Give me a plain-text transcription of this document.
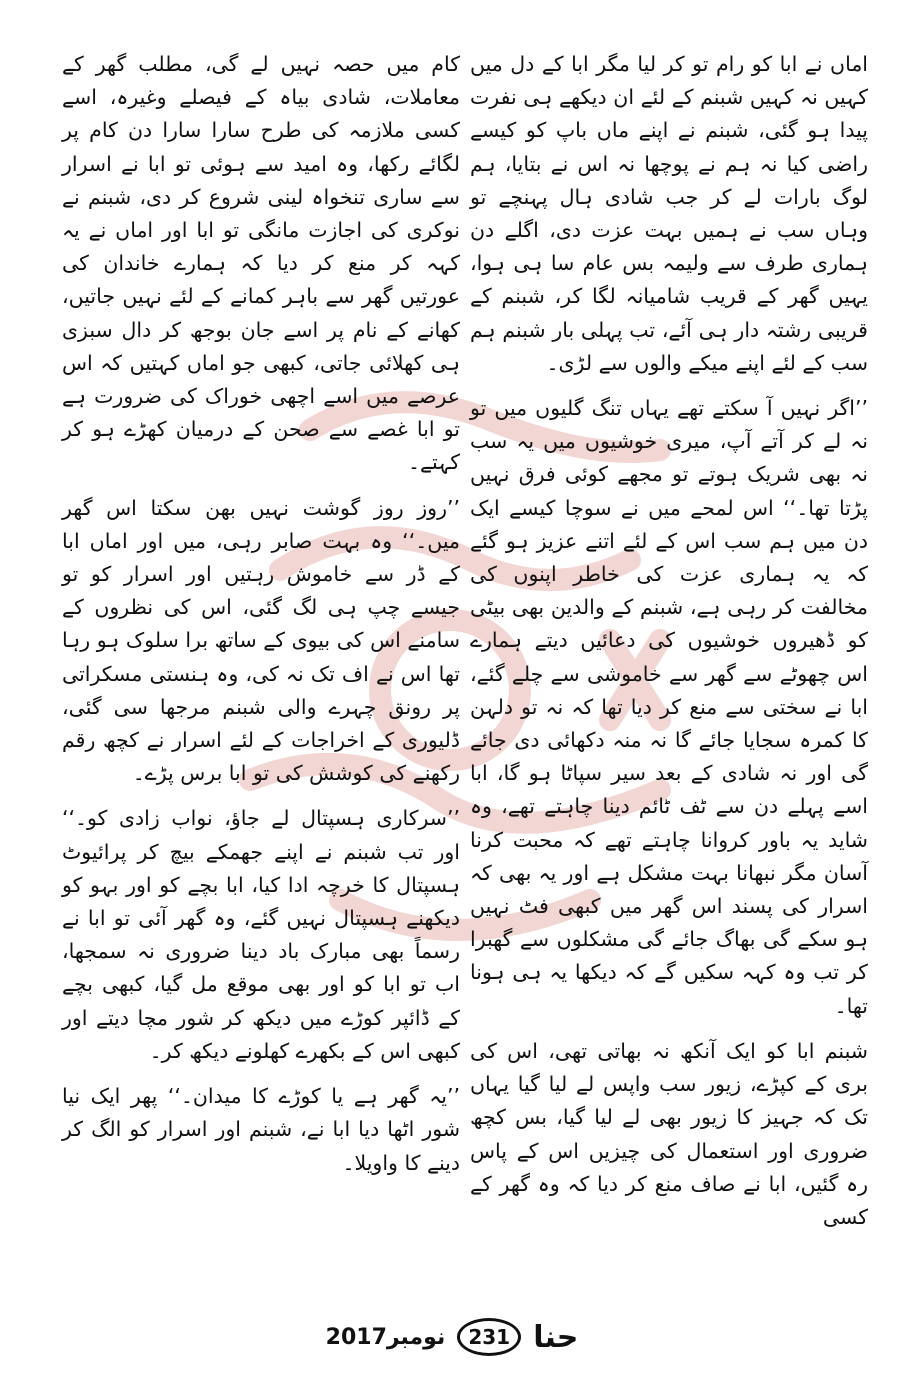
اماں نے ابا کو رام تو کر لیا مگر ابا کے دل میں کہیں نہ کہیں شبنم کے لئے ان دیکھے ہی نفرت پیدا ہو گئی، شبنم نے اپنے ماں باپ کو کیسے راضی کیا نہ ہم نے پوچھا نہ اس نے بتایا، ہم لوگ بارات لے کر جب شادی ہال پہنچے تو وہاں سب نے ہمیں بہت عزت دی، اگلے دن ہماری طرف سے ولیمہ بس عام سا ہی ہوا، یہیں گھر کے قریب شامیانہ لگا کر، شبنم کے قریبی رشتہ دار ہی آئے، تب پہلی بار شبنم ہم سب کے لئے اپنے میکے والوں سے لڑی۔

’’اگر نہیں آ سکتے تھے یہاں تنگ گلیوں میں تو نہ لے کر آتے آپ، میری خوشیوں میں یہ سب نہ بھی شریک ہوتے تو مجھے کوئی فرق نہیں پڑتا تھا۔‘‘ اس لمحے میں نے سوچا کیسے ایک دن میں ہم سب اس کے لئے اتنے عزیز ہو گئے کہ یہ ہماری عزت کی خاطر اپنوں کی مخالفت کر رہی ہے، شبنم کے والدین بھی بیٹی کو ڈھیروں خوشیوں کی دعائیں دیتے ہمارے اس چھوٹے سے گھر سے خاموشی سے چلے گئے، ابا نے سختی سے منع کر دیا تھا کہ نہ تو دلہن کا کمرہ سجایا جائے گا نہ منہ دکھائی دی جائے گی اور نہ شادی کے بعد سیر سپاٹا ہو گا، ابا اسے پہلے دن سے ٹف ٹائم دینا چاہتے تھے، وہ شاید یہ باور کروانا چاہتے تھے کہ محبت کرنا آسان مگر نبھانا بہت مشکل ہے اور یہ بھی کہ اسرار کی پسند اس گھر میں کبھی فٹ نہیں ہو سکے گی بھاگ جائے گی مشکلوں سے گھبرا کر تب وہ کہہ سکیں گے کہ دیکھا یہ ہی ہونا تھا۔

شبنم ابا کو ایک آنکھ نہ بھاتی تھی، اس کی بری کے کپڑے، زیور سب واپس لے لیا گیا یہاں تک کہ جہیز کا زیور بھی لے لیا گیا، بس کچھ ضروری اور استعمال کی چیزیں اس کے پاس رہ گئیں، ابا نے صاف منع کر دیا کہ وہ گھر کے کسی

کام میں حصہ نہیں لے گی، مطلب گھر کے معاملات، شادی بیاہ کے فیصلے وغیرہ، اسے کسی ملازمہ کی طرح سارا سارا دن کام پر لگائے رکھا، وہ امید سے ہوئی تو ابا نے اسرار سے ساری تنخواہ لینی شروع کر دی، شبنم نے نوکری کی اجازت مانگی تو ابا اور اماں نے یہ کہہ کر منع کر دیا کہ ہمارے خاندان کی عورتیں گھر سے باہر کمانے کے لئے نہیں جاتیں، کھانے کے نام پر اسے جان بوجھ کر دال سبزی ہی کھلائی جاتی، کبھی جو اماں کہتیں کہ اس عرصے میں اسے اچھی خوراک کی ضرورت ہے تو ابا غصے سے صحن کے درمیان کھڑے ہو کر کہتے۔

’’روز روز گوشت نہیں بھن سکتا اس گھر میں۔‘‘ وہ بہت صابر رہی، میں اور اماں ابا کے ڈر سے خاموش رہتیں اور اسرار کو تو جیسے چپ ہی لگ گئی، اس کی نظروں کے سامنے اس کی بیوی کے ساتھ برا سلوک ہو رہا تھا اس نے اف تک نہ کی، وہ ہنستی مسکراتی پر رونق چہرے والی شبنم مرجھا سی گئی، ڈلیوری کے اخراجات کے لئے اسرار نے کچھ رقم رکھنے کی کوشش کی تو ابا برس پڑے۔

’’سرکاری ہسپتال لے جاؤ، نواب زادی کو۔‘‘ اور تب شبنم نے اپنے جھمکے بیچ کر پرائیوٹ ہسپتال کا خرچہ ادا کیا، ابا بچے کو اور بہو کو دیکھنے ہسپتال نہیں گئے، وہ گھر آئی تو ابا نے رسماً بھی مبارک باد دینا ضروری نہ سمجھا، اب تو ابا کو اور بھی موقع مل گیا، کبھی بچے کے ڈائپر کوڑے میں دیکھ کر شور مچا دیتے اور کبھی اس کے بکھرے کھلونے دیکھ کر۔

’’یہ گھر ہے یا کوڑے کا میدان۔‘‘ پھر ایک نیا شور اٹھا دیا ابا نے، شبنم اور اسرار کو الگ کر دینے کا واویلا۔

حنا
231
نومبر2017
